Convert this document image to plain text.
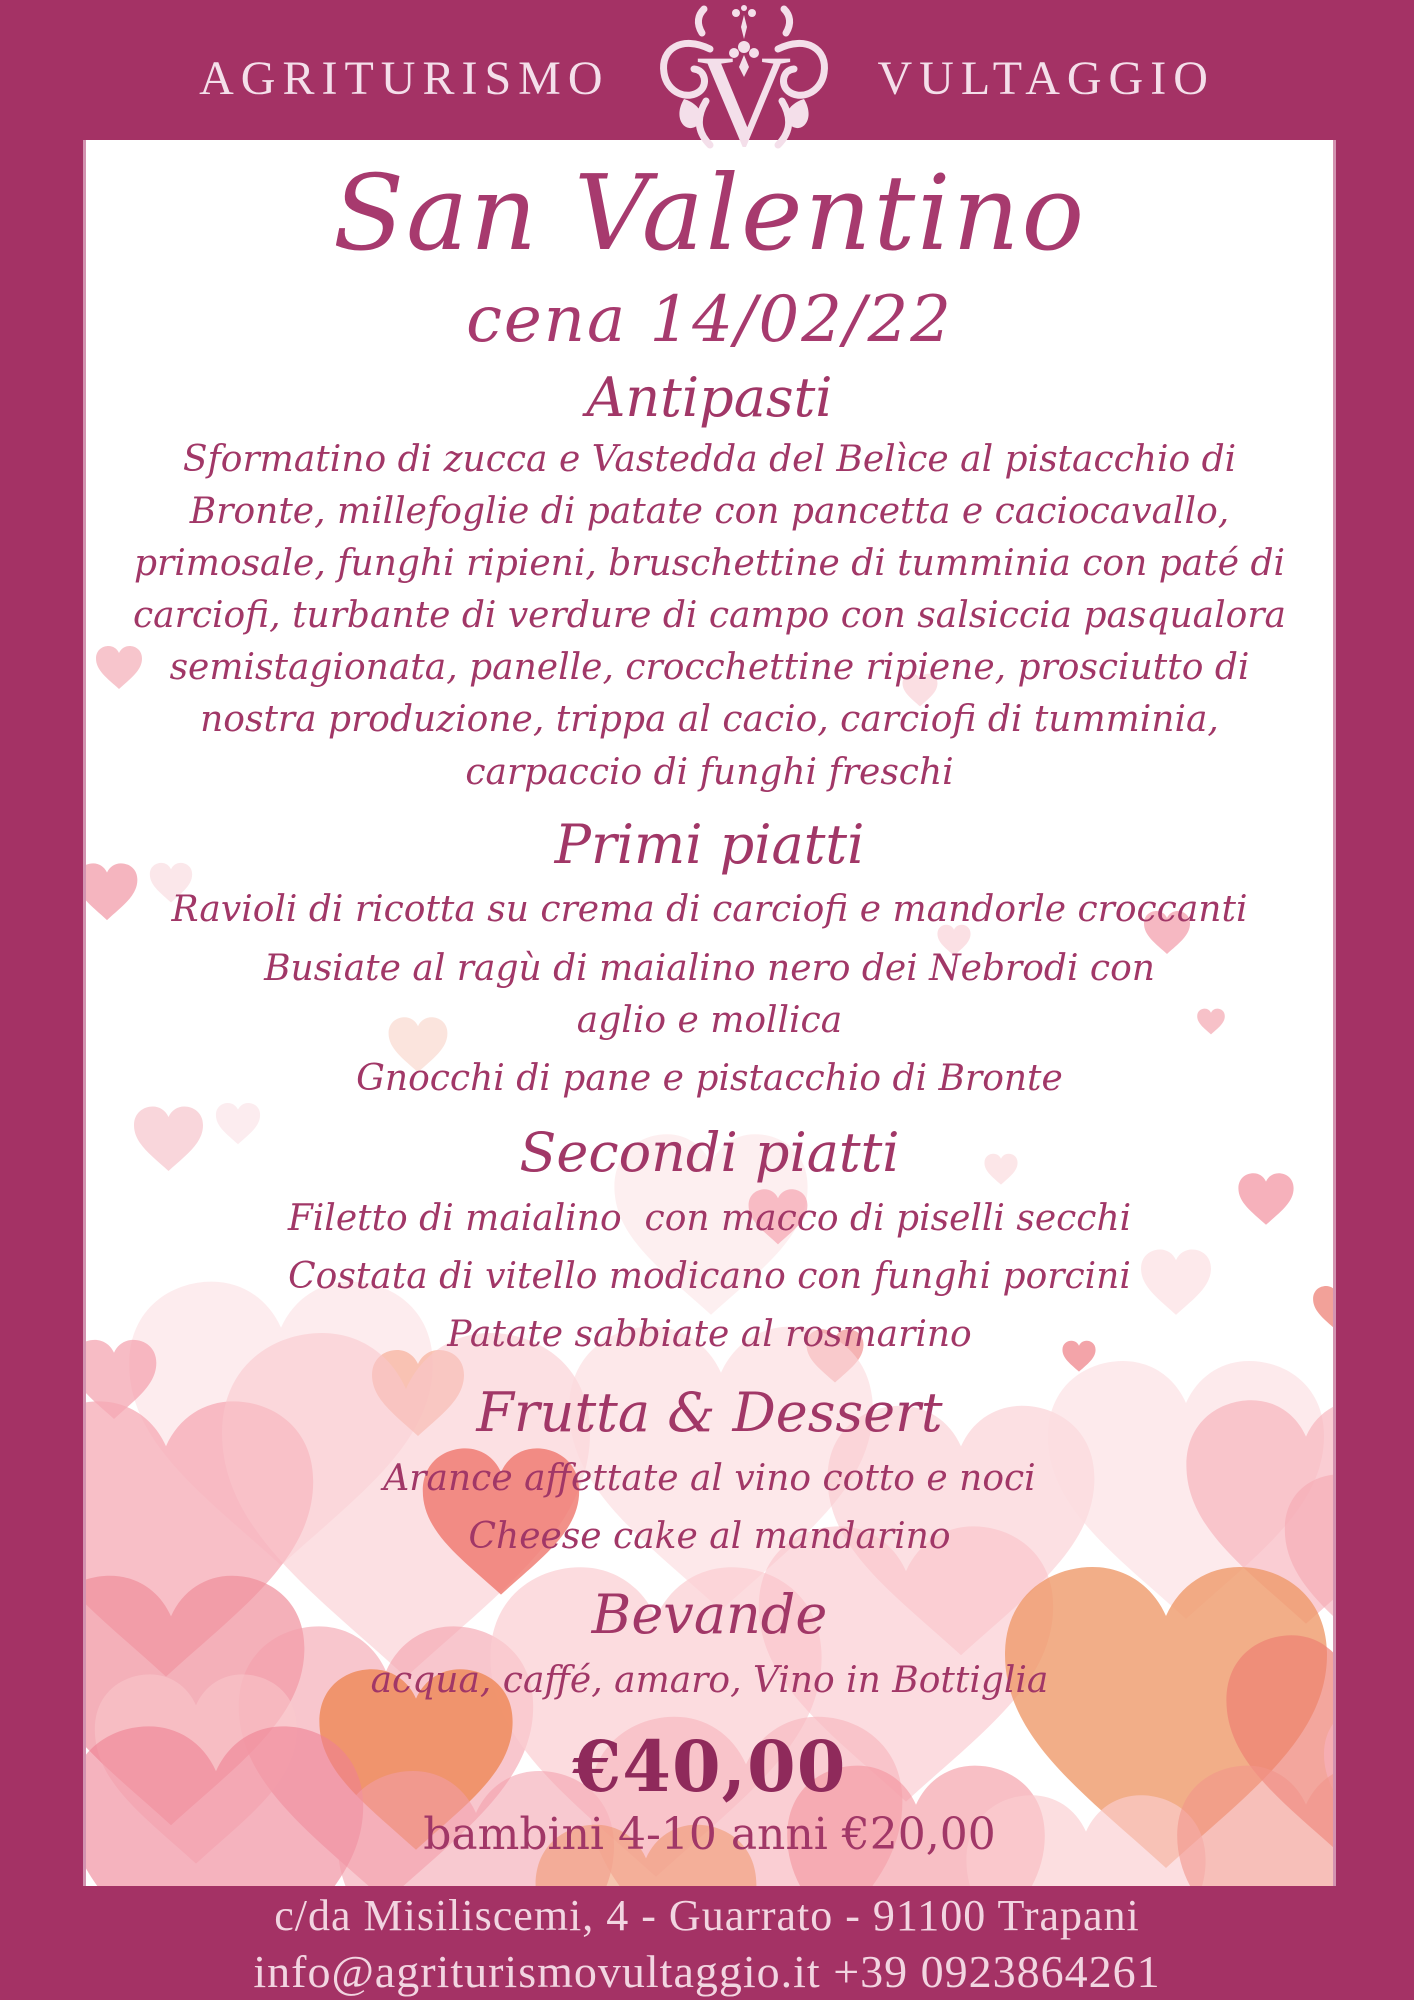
AGRITURISMO V VULTAGGIO
San Valentino
cena 14/02/22
Antipasti
Sformatino di zucca e Vastedda del Belìce al pistacchio di Bronte, millefoglie di patate con pancetta e caciocavallo, primosale, funghi ripieni, bruschettine di tumminia con paté di carciofi, turbante di verdure di campo con salsiccia pasqualora semistagionata, panelle, crocchettine ripiene, prosciutto di nostra produzione, trippa al cacio, carciofi di tumminia, carpaccio di funghi freschi
Primi piatti
Ravioli di ricotta su crema di carciofi e mandorle croccanti
Busiate al ragù di maialino nero dei Nebrodi con aglio e mollica
Gnocchi di pane e pistacchio di Bronte
Secondi piatti
Filetto di maialino  con macco di piselli secchi
Costata di vitello modicano con funghi porcini
Patate sabbiate al rosmarino
Frutta & Dessert
Arance affettate al vino cotto e noci
Cheese cake al mandarino
Bevande
acqua, caffé, amaro, Vino in Bottiglia
€40,00
bambini 4-10 anni €20,00
c/da Misiliscemi, 4 - Guarrato - 91100 Trapani
info@agriturismovultaggio.it +39 0923864261
